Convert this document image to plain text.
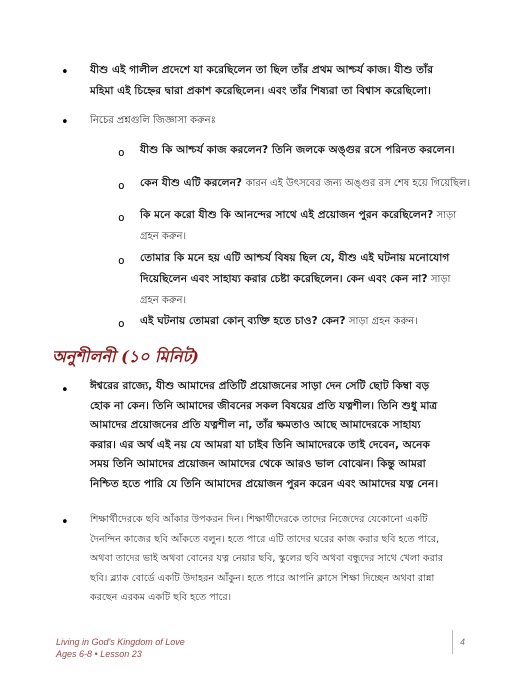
• যীশু এই গালীল প্রদেশে যা করেছিলেন তা ছিল তাঁর প্রথম আশ্চর্য কাজ। যীশু তাঁর
মহিমা এই চিহ্নের দ্বারা প্রকাশ করেছিলেন। এবং তাঁর শিষ্যরা তা বিশ্বাস করেছিলো।
• নিচের প্রশ্নগুলি জিজ্ঞাসা করুনঃ
o যীশু কি আশ্চর্য কাজ করলেন? তিনি জলকে অঙ্গুর রসে পরিনত করলেন।
o কেন যীশু এটি করলেন? কারন এই উৎসবের জন্য অঙ্গুর রস শেষ হয়ে গিয়েছিল।
o কি মনে করো যীশু কি আনন্দের সাথে এই প্রয়োজন পুরন করেছিলেন? সাড়া
গ্রহন করুন।
o তোমার কি মনে হয় এটি আশ্চর্য বিষয় ছিল যে, যীশু এই ঘটনায় মনোযোগ
দিয়েছিলেন এবং সাহায্য করার চেষ্টা করেছিলেন। কেন এবং কেন না? সাড়া
গ্রহন করুন।
o এই ঘটনায় তোমরা কোন্ ব্যক্তি হতে চাও? কেন? সাড়া গ্রহন করুন।
অনুশীলনী (১০ মিনিট)
• ঈশ্বরের রাজ্যে, যীশু আমাদের প্রতিটি প্রয়োজনের সাড়া দেন সেটি ছোট কিম্বা বড়
হোক না কেন। তিনি আমাদের জীবনের সকল বিষয়ের প্রতি যত্নশীল। তিনি শুধু মাত্র
আমাদের প্রয়োজনের প্রতি যত্নশীল না, তাঁর ক্ষমতাও আছে আমাদেরকে সাহায্য
করার। এর অর্থ এই নয় যে আমরা যা চাইব তিনি আমাদেরকে তাই দেবেন, অনেক
সময় তিনি আমাদের প্রয়োজন আমাদের থেকে আরও ভাল বোঝেন। কিন্তু আমরা
নিশ্চিত হতে পারি যে তিনি আমাদের প্রয়োজন পুরন করেন এবং আমাদের যত্ন নেন।
• শিক্ষার্থীদেরকে ছবি আঁকার উপকরন দিন। শিক্ষার্থীদেরকে তাদের নিজেদের যেকোনো একটি
দৈনন্দিন কাজের ছবি আঁকতে বলুন। হতে পারে এটি তাদের ঘরের কাজ করার ছবি হতে পারে,
অথবা তাদের ভাই অথবা বোনের যত্ন নেয়ার ছবি, স্কুলের ছবি অথবা বন্ধুদের সাথে খেলা করার
ছবি। ব্ল্যাক বোর্ডে একটি উদাহরন আঁকুন। হতে পারে আপনি ক্লাসে শিক্ষা দিচ্ছেন অথবা রান্না
করছেন এরকম একটি ছবি হতে পারে।
Living in God's Kingdom of Love
Ages 6-8 • Lesson 23
4
